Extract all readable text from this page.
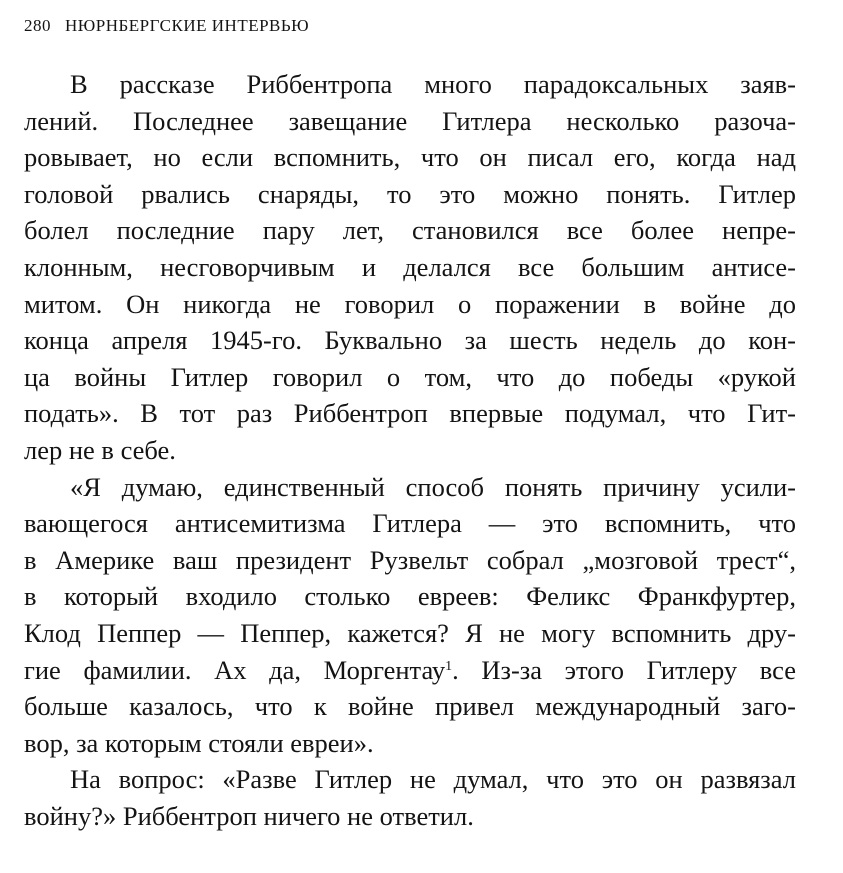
280 НЮРНБЕРГСКИЕ ИНТЕРВЬЮ
В рассказе Риббентропа много парадоксальных заяв-
лений. Последнее завещание Гитлера несколько разоча-
ровывает, но если вспомнить, что он писал его, когда над
головой рвались снаряды, то это можно понять. Гитлер
болел последние пару лет, становился все более непре-
клонным, несговорчивым и делался все большим антисе-
митом. Он никогда не говорил о поражении в войне до
конца апреля 1945-го. Буквально за шесть недель до кон-
ца войны Гитлер говорил о том, что до победы «рукой
подать». В тот раз Риббентроп впервые подумал, что Гит-
лер не в себе.
«Я думаю, единственный способ понять причину усили-
вающегося антисемитизма Гитлера — это вспомнить, что
в Америке ваш президент Рузвельт собрал „мозговой трест“,
в который входило столько евреев: Феликс Франкфуртер,
Клод Пеппер — Пеппер, кажется? Я не могу вспомнить дру-
гие фамилии. Ах да, Моргентау$^1$. Из-за этого Гитлеру все
больше казалось, что к войне привел международный заго-
вор, за которым стояли евреи».
На вопрос: «Разве Гитлер не думал, что это он развязал
войну?» Риббентроп ничего не ответил.
